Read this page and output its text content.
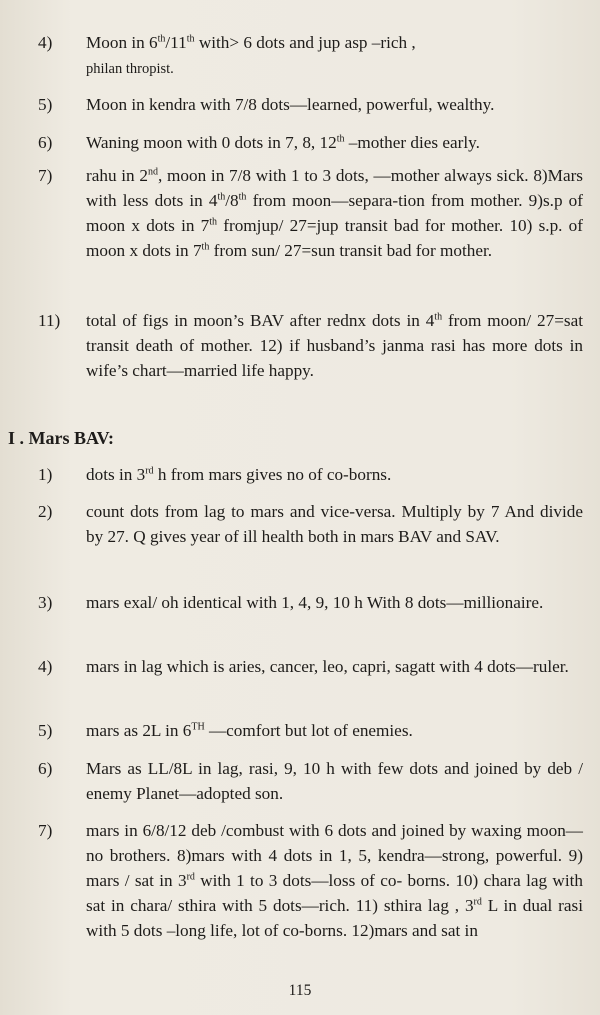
4)	Moon in 6th/11th with> 6 dots and jup asp –rich ,
philan thropist.
5)	Moon in kendra with 7/8 dots—learned, powerful, wealthy.
6)	Waning moon with 0 dots in 7, 8, 12th –mother dies early.
7)	rahu in 2nd, moon in 7/8 with 1 to 3 dots, —mother always sick. 8)Mars with less dots in 4th/8th from moon—separa-tion from mother. 9)s.p of moon x dots in 7th fromjup/ 27=jup transit bad for mother. 10) s.p. of moon x dots in 7th from sun/ 27=sun transit bad for mother.
11)	total of figs in moon’s BAV after rednx dots in 4th from moon/ 27=sat transit death of mother. 12) if husband’s janma rasi has more dots in wife’s chart—married life happy.
I . Mars BAV:
1)	dots in 3rd h from mars gives no of co-borns.
2)	count dots from lag to mars and vice-versa. Multiply by 7 And divide by 27. Q gives year of ill health both in mars BAV and SAV.
3)	mars exal/ oh identical with 1, 4, 9, 10 h With 8 dots—millionaire.
4)	mars in lag which is aries, cancer, leo, capri, sagatt with 4 dots—ruler.
5)	mars as 2L in 6TH —comfort but lot of enemies.
6)	Mars as LL/8L in lag, rasi, 9, 10 h with few dots and joined by deb / enemy Planet—adopted son.
7)	mars in 6/8/12 deb /combust with 6 dots and joined by waxing moon—no brothers. 8)mars with 4 dots in 1, 5, kendra—strong, powerful. 9) mars / sat in 3rd with 1 to 3 dots—loss of co- borns. 10) chara lag with sat in chara/ sthira with 5 dots—rich. 11) sthira lag , 3rd L in dual rasi with 5 dots –long life, lot of co-borns. 12)mars and sat in
115
